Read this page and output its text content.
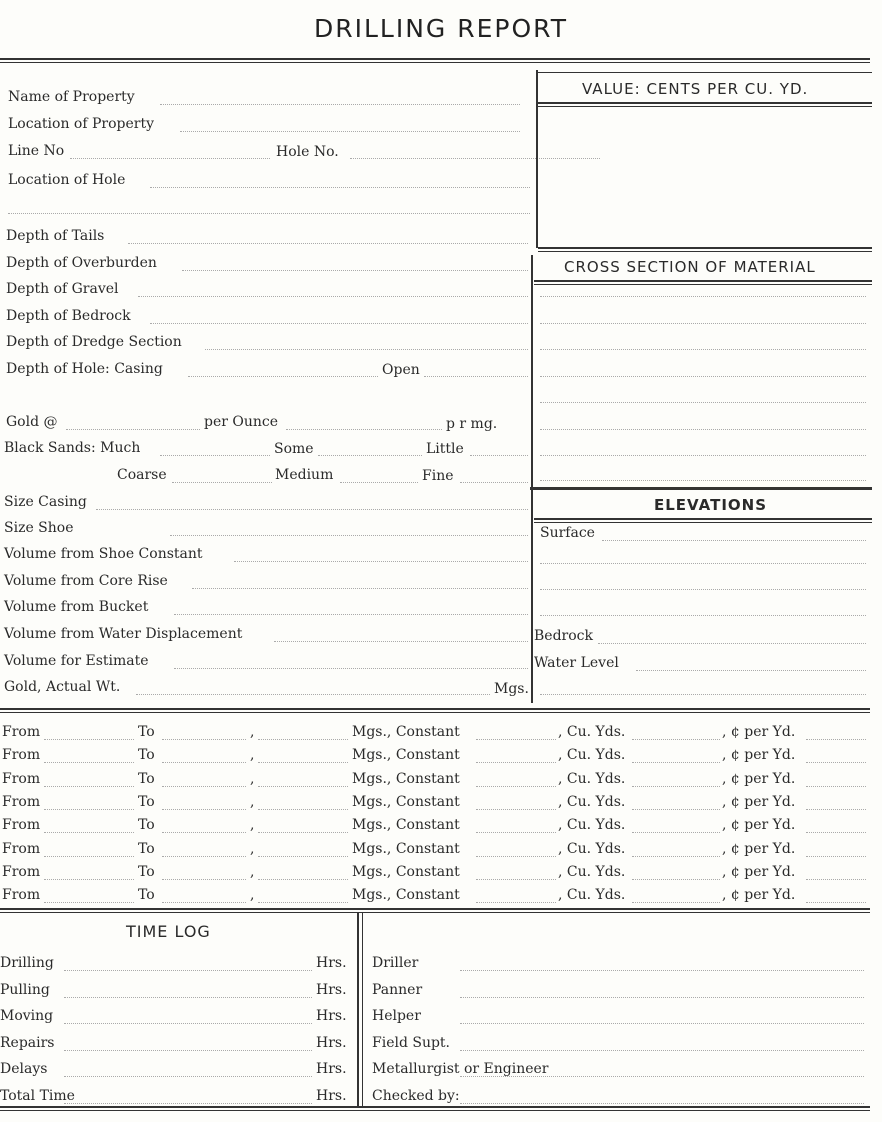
DRILLING REPORT
Name of Property
Location of Property
Line No	Hole No.
Location of Hole
Depth of Tails
Depth of Overburden
Depth of Gravel
Depth of Bedrock
Depth of Dredge Section
Depth of Hole: Casing	Open
Gold @	per Ounce	p r mg.
Black Sands: Much	Some	Little
Coarse	Medium	Fine
Size Casing
Size Shoe
Volume from Shoe Constant
Volume from Core Rise
Volume from Bucket
Volume from Water Displacement
Volume for Estimate
Gold, Actual Wt.	Mgs.
VALUE: CENTS PER CU. YD.
CROSS SECTION OF MATERIAL
ELEVATIONS
Surface
Bedrock
Water Level
From	To	,	Mgs., Constant	, Cu. Yds.	, ¢ per Yd.
From	To	,	Mgs., Constant	, Cu. Yds.	, ¢ per Yd.
From	To	,	Mgs., Constant	, Cu. Yds.	, ¢ per Yd.
From	To	,	Mgs., Constant	, Cu. Yds.	, ¢ per Yd.
From	To	,	Mgs., Constant	, Cu. Yds.	, ¢ per Yd.
From	To	,	Mgs., Constant	, Cu. Yds.	, ¢ per Yd.
From	To	,	Mgs., Constant	, Cu. Yds.	, ¢ per Yd.
From	To	,	Mgs., Constant	, Cu. Yds.	, ¢ per Yd.
TIME LOG
Drilling	Hrs. Driller
Pulling	Hrs. Panner
Moving	Hrs. Helper
Repairs	Hrs. Field Supt.
Delays	Hrs. Metallurgist or Engineer
Total Time	Hrs. Checked by:
